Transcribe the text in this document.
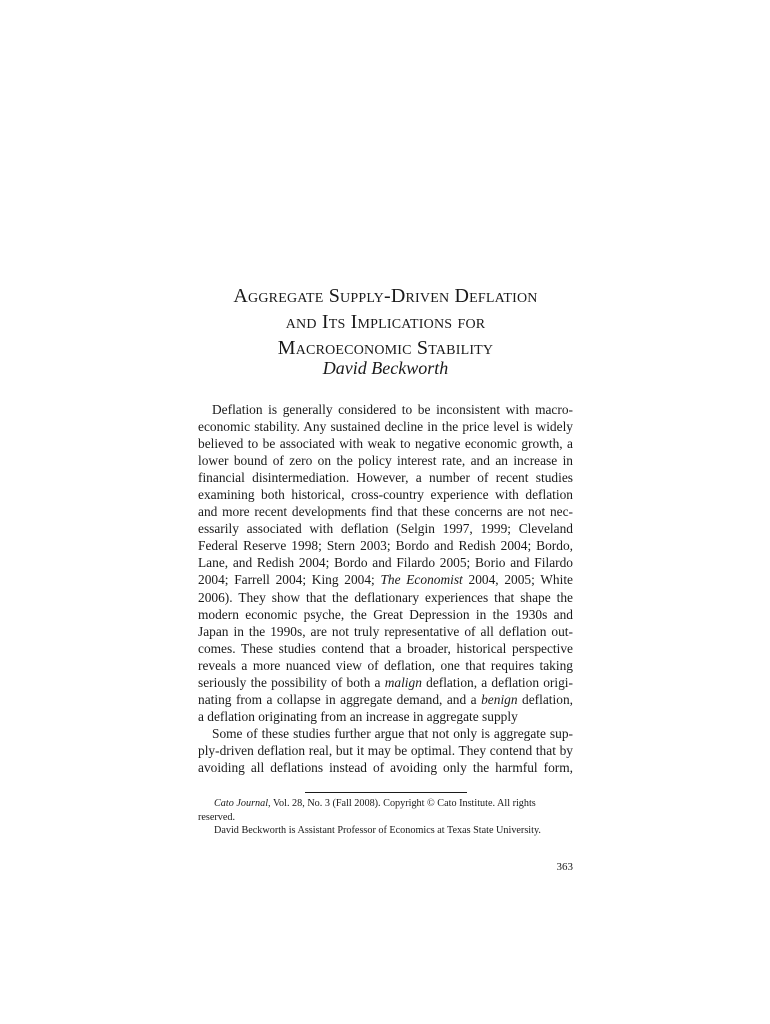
Aggregate Supply-Driven Deflation
and Its Implications for
Macroeconomic Stability
David Beckworth
Deflation is generally considered to be inconsistent with macro-
economic stability. Any sustained decline in the price level is widely
believed to be associated with weak to negative economic growth, a
lower bound of zero on the policy interest rate, and an increase in
financial disintermediation. However, a number of recent studies
examining both historical, cross-country experience with deflation
and more recent developments find that these concerns are not nec-
essarily associated with deflation (Selgin 1997, 1999; Cleveland
Federal Reserve 1998; Stern 2003; Bordo and Redish 2004; Bordo,
Lane, and Redish 2004; Bordo and Filardo 2005; Borio and Filardo
2004; Farrell 2004; King 2004; The Economist 2004, 2005; White
2006). They show that the deflationary experiences that shape the
modern economic psyche, the Great Depression in the 1930s and
Japan in the 1990s, are not truly representative of all deflation out-
comes. These studies contend that a broader, historical perspective
reveals a more nuanced view of deflation, one that requires taking
seriously the possibility of both a malign deflation, a deflation origi-
nating from a collapse in aggregate demand, and a benign deflation,
a deflation originating from an increase in aggregate supply
Some of these studies further argue that not only is aggregate sup-
ply-driven deflation real, but it may be optimal. They contend that by
avoiding all deflations instead of avoiding only the harmful form,
Cato Journal, Vol. 28, No. 3 (Fall 2008). Copyright © Cato Institute. All rights reserved.
David Beckworth is Assistant Professor of Economics at Texas State University.
363
